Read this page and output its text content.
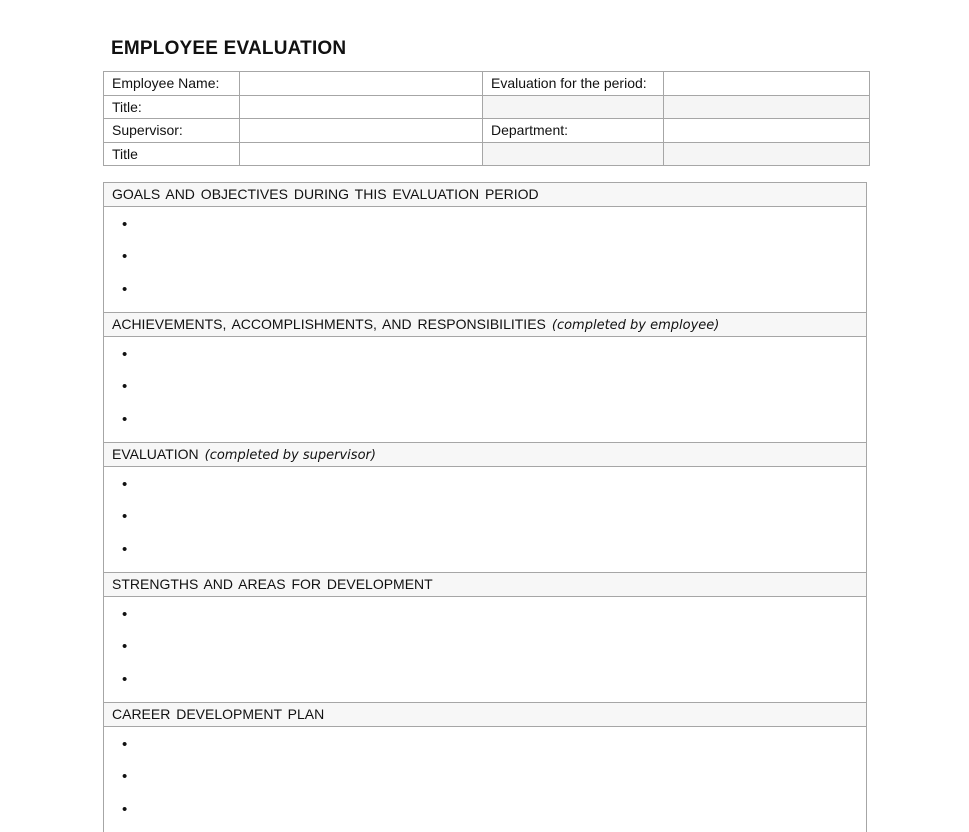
EMPLOYEE EVALUATION
Employee Name:		Evaluation for the period:	
Title:			
Supervisor:		Department:	
Title			
GOALS AND OBJECTIVES DURING THIS EVALUATION PERIOD
•
•
•
ACHIEVEMENTS, ACCOMPLISHMENTS, AND RESPONSIBILITIES (completed by employee)
•
•
•
EVALUATION (completed by supervisor)
•
•
•
STRENGTHS AND AREAS FOR DEVELOPMENT
•
•
•
CAREER DEVELOPMENT PLAN
•
•
•
